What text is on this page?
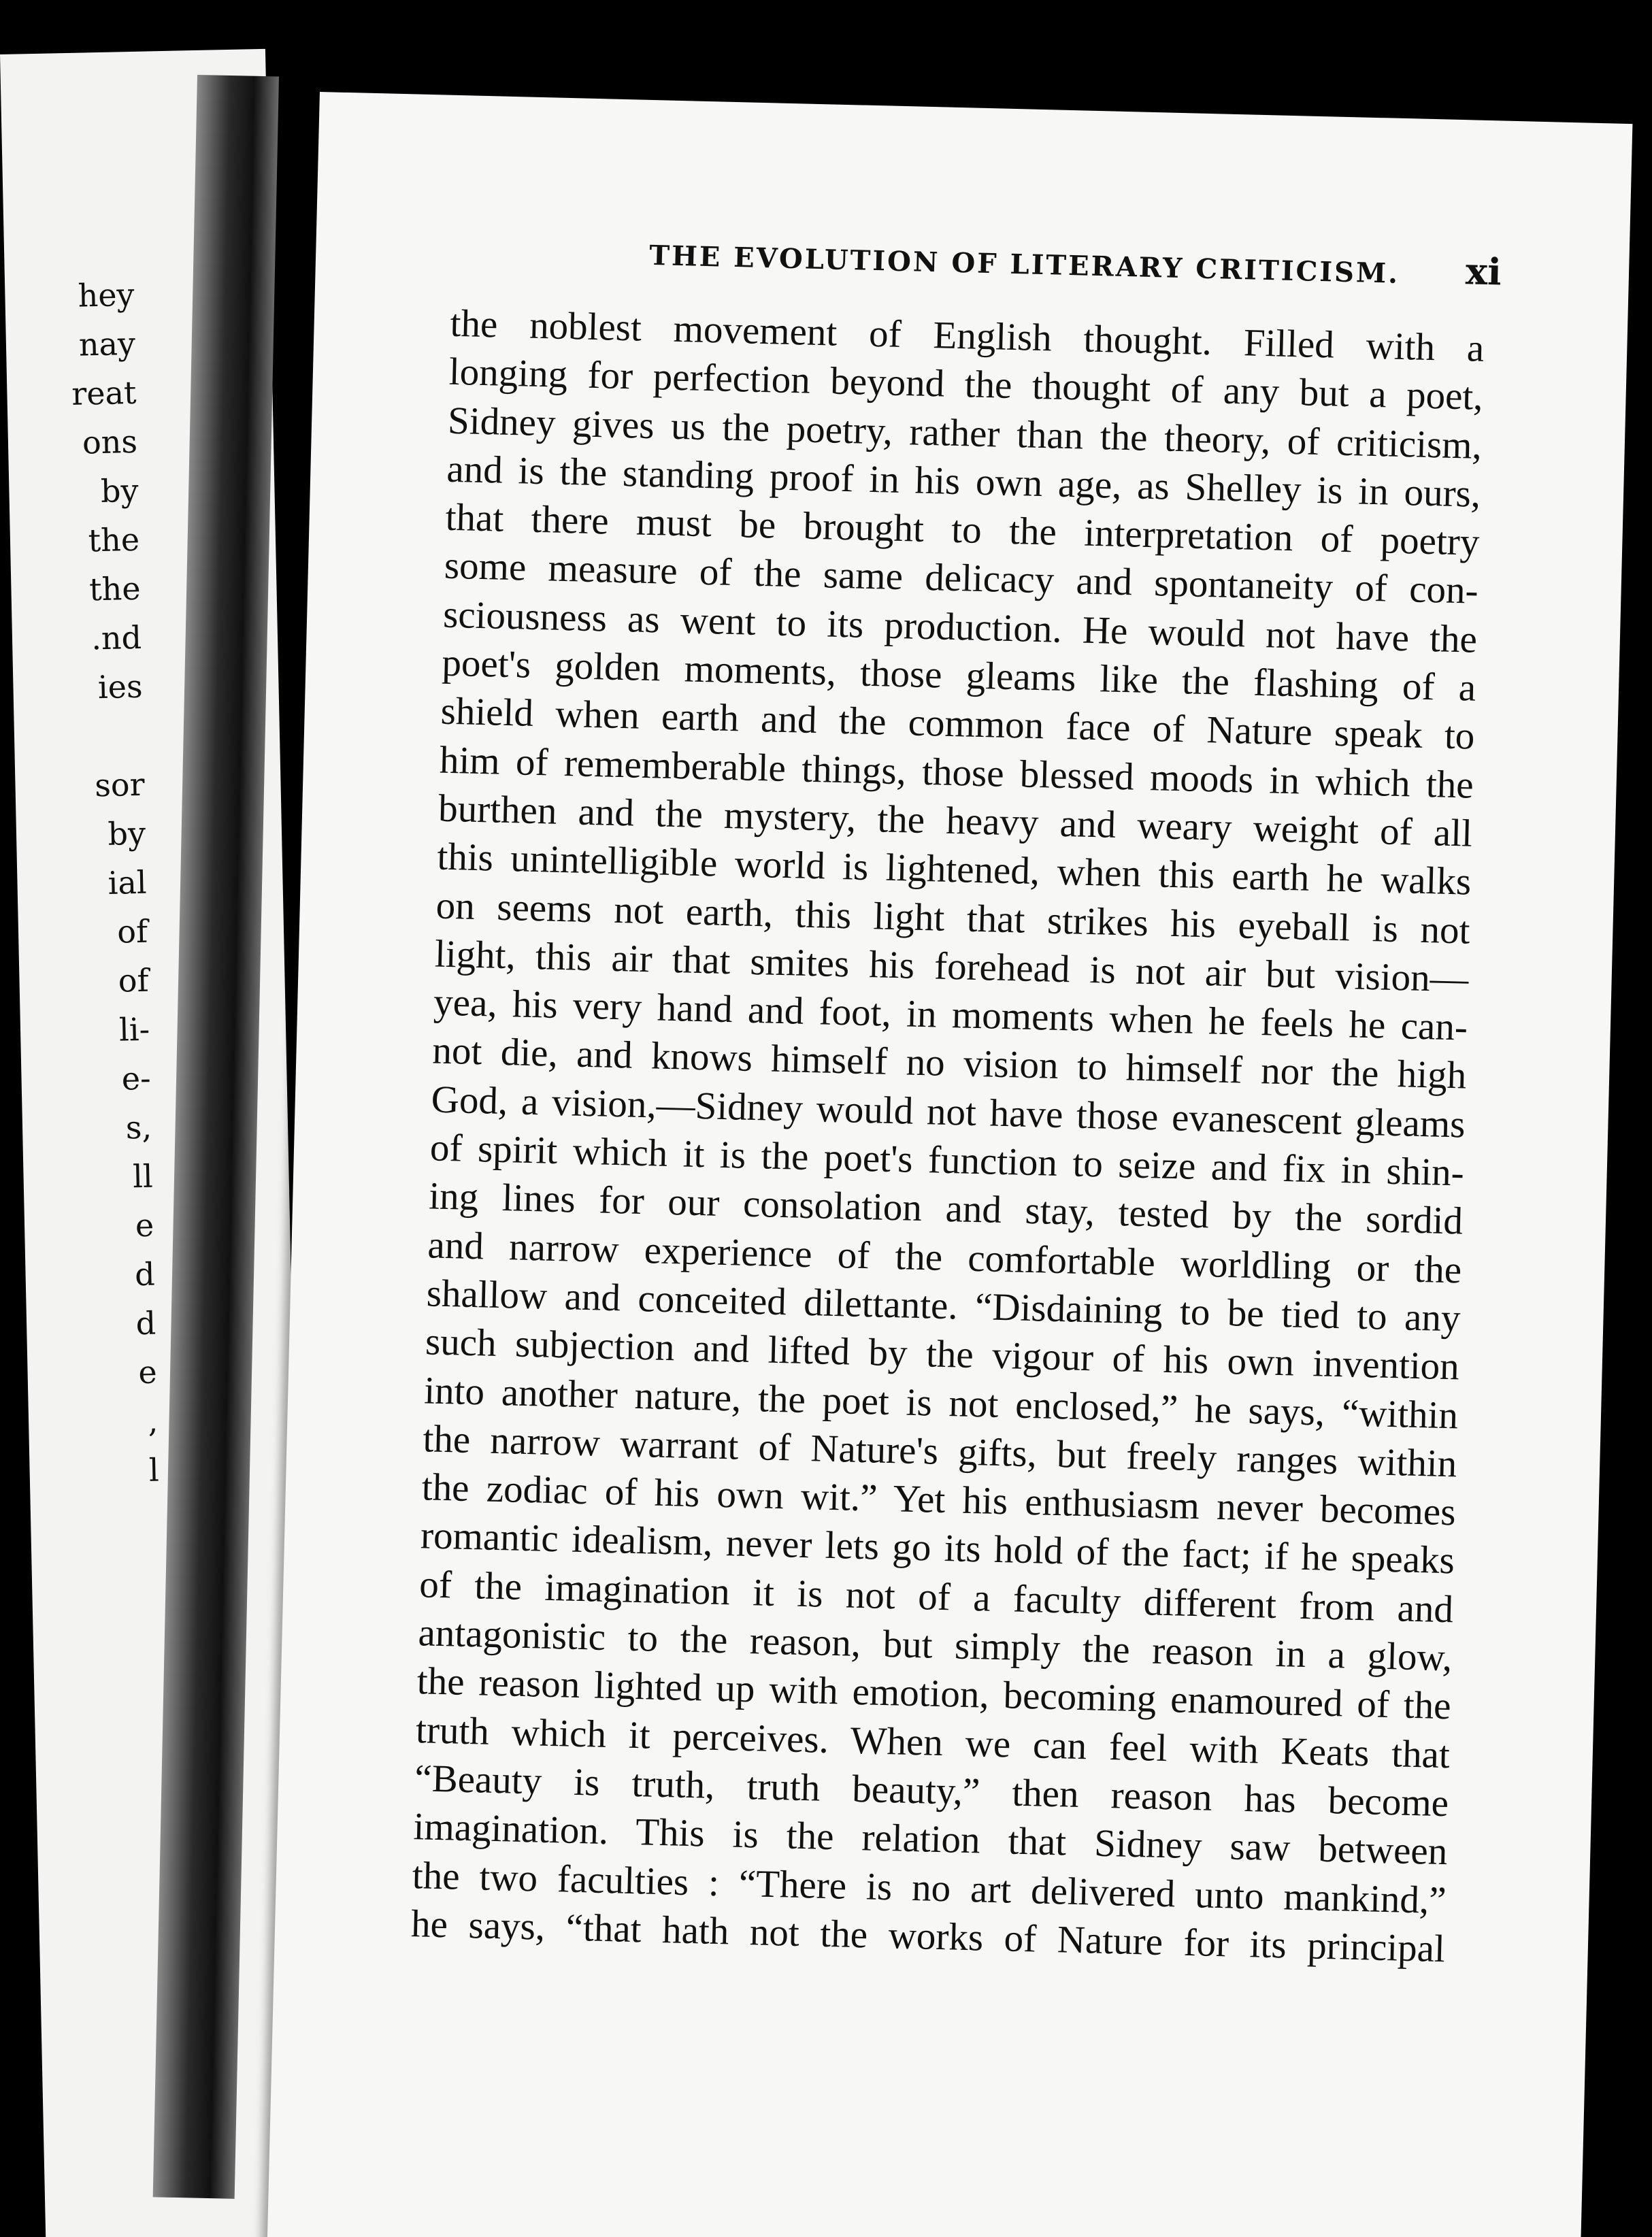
hey
nay
reat
ons
by
the
the
.nd
ies
sor
by
ial
of
of
li-
e-
s,
ll
e
d
d
e
,
l
THE EVOLUTION OF LITERARY CRITICISM. xi
the noblest movement of English thought. Filled with a
longing for perfection beyond the thought of any but a poet,
Sidney gives us the poetry, rather than the theory, of criticism,
and is the standing proof in his own age, as Shelley is in ours,
that there must be brought to the interpretation of poetry
some measure of the same delicacy and spontaneity of con-
sciousness as went to its production. He would not have the
poet's golden moments, those gleams like the flashing of a
shield when earth and the common face of Nature speak to
him of rememberable things, those blessed moods in which the
burthen and the mystery, the heavy and weary weight of all
this unintelligible world is lightened, when this earth he walks
on seems not earth, this light that strikes his eyeball is not
light, this air that smites his forehead is not air but vision—
yea, his very hand and foot, in moments when he feels he can-
not die, and knows himself no vision to himself nor the high
God, a vision,—Sidney would not have those evanescent gleams
of spirit which it is the poet's function to seize and fix in shin-
ing lines for our consolation and stay, tested by the sordid
and narrow experience of the comfortable worldling or the
shallow and conceited dilettante. “Disdaining to be tied to any
such subjection and lifted by the vigour of his own invention
into another nature, the poet is not enclosed,” he says, “within
the narrow warrant of Nature's gifts, but freely ranges within
the zodiac of his own wit.” Yet his enthusiasm never becomes
romantic idealism, never lets go its hold of the fact; if he speaks
of the imagination it is not of a faculty different from and
antagonistic to the reason, but simply the reason in a glow,
the reason lighted up with emotion, becoming enamoured of the
truth which it perceives. When we can feel with Keats that
“Beauty is truth, truth beauty,” then reason has become
imagination. This is the relation that Sidney saw between
the two faculties : “There is no art delivered unto mankind,”
he says, “that hath not the works of Nature for its principal
